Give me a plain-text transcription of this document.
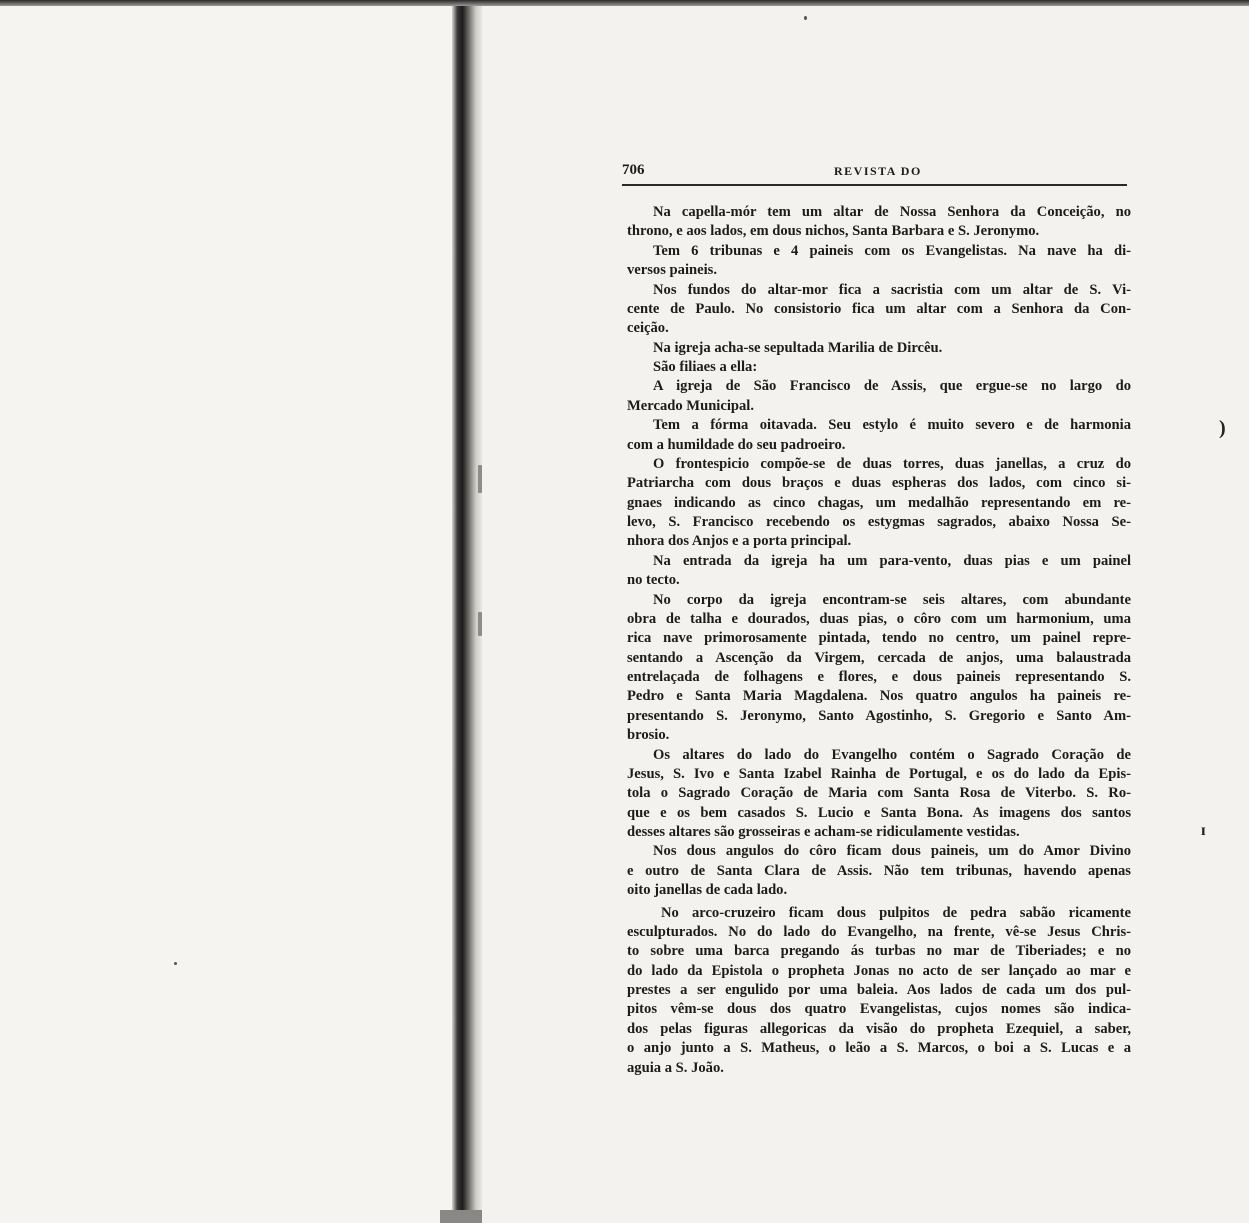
)
ɪ
706	REVISTA DO
Na capella-mór tem um altar de Nossa Senhora da Conceição, no
throno, e aos lados, em dous nichos, Santa Barbara e S. Jeronymo.
Tem 6 tribunas e 4 paineis com os Evangelistas. Na nave ha di-
versos paineis.
Nos fundos do altar-mor fica a sacristia com um altar de S. Vi-
cente de Paulo. No consistorio fica um altar com a Senhora da Con-
ceição.
Na igreja acha-se sepultada Marilia de Dircêu.
São filiaes a ella:
A igreja de São Francisco de Assis, que ergue-se no largo do
Mercado Municipal.
Tem a fórma oitavada. Seu estylo é muito severo e de harmonia
com a humildade do seu padroeiro.
O frontespicio compõe-se de duas torres, duas janellas, a cruz do
Patriarcha com dous braços e duas espheras dos lados, com cinco si-
gnaes indicando as cinco chagas, um medalhão representando em re-
levo, S. Francisco recebendo os estygmas sagrados, abaixo Nossa Se-
nhora dos Anjos e a porta principal.
Na entrada da igreja ha um para-vento, duas pias e um painel
no tecto.
No corpo da igreja encontram-se seis altares, com abundante
obra de talha e dourados, duas pias, o côro com um harmonium, uma
rica nave primorosamente pintada, tendo no centro, um painel repre-
sentando a Ascenção da Virgem, cercada de anjos, uma balaustrada
entrelaçada de folhagens e flores, e dous paineis representando S.
Pedro e Santa Maria Magdalena. Nos quatro angulos ha paineis re-
presentando S. Jeronymo, Santo Agostinho, S. Gregorio e Santo Am-
brosio.
Os altares do lado do Evangelho contém o Sagrado Coração de
Jesus, S. Ivo e Santa Izabel Rainha de Portugal, e os do lado da Epis-
tola o Sagrado Coração de Maria com Santa Rosa de Viterbo. S. Ro-
que e os bem casados S. Lucio e Santa Bona. As imagens dos santos
desses altares são grosseiras e acham-se ridiculamente vestidas.
Nos dous angulos do côro ficam dous paineis, um do Amor Divino
e outro de Santa Clara de Assis. Não tem tribunas, havendo apenas
oito janellas de cada lado.
No arco-cruzeiro ficam dous pulpitos de pedra sabão ricamente
esculpturados. No do lado do Evangelho, na frente, vê-se Jesus Chris-
to sobre uma barca pregando ás turbas no mar de Tiberiades; e no
do lado da Epistola o propheta Jonas no acto de ser lançado ao mar e
prestes a ser engulido por uma baleia. Aos lados de cada um dos pul-
pitos vêm-se dous dos quatro Evangelistas, cujos nomes são indica-
dos pelas figuras allegoricas da visão do propheta Ezequiel, a saber,
o anjo junto a S. Matheus, o leão a S. Marcos, o boi a S. Lucas e a
aguia a S. João.
